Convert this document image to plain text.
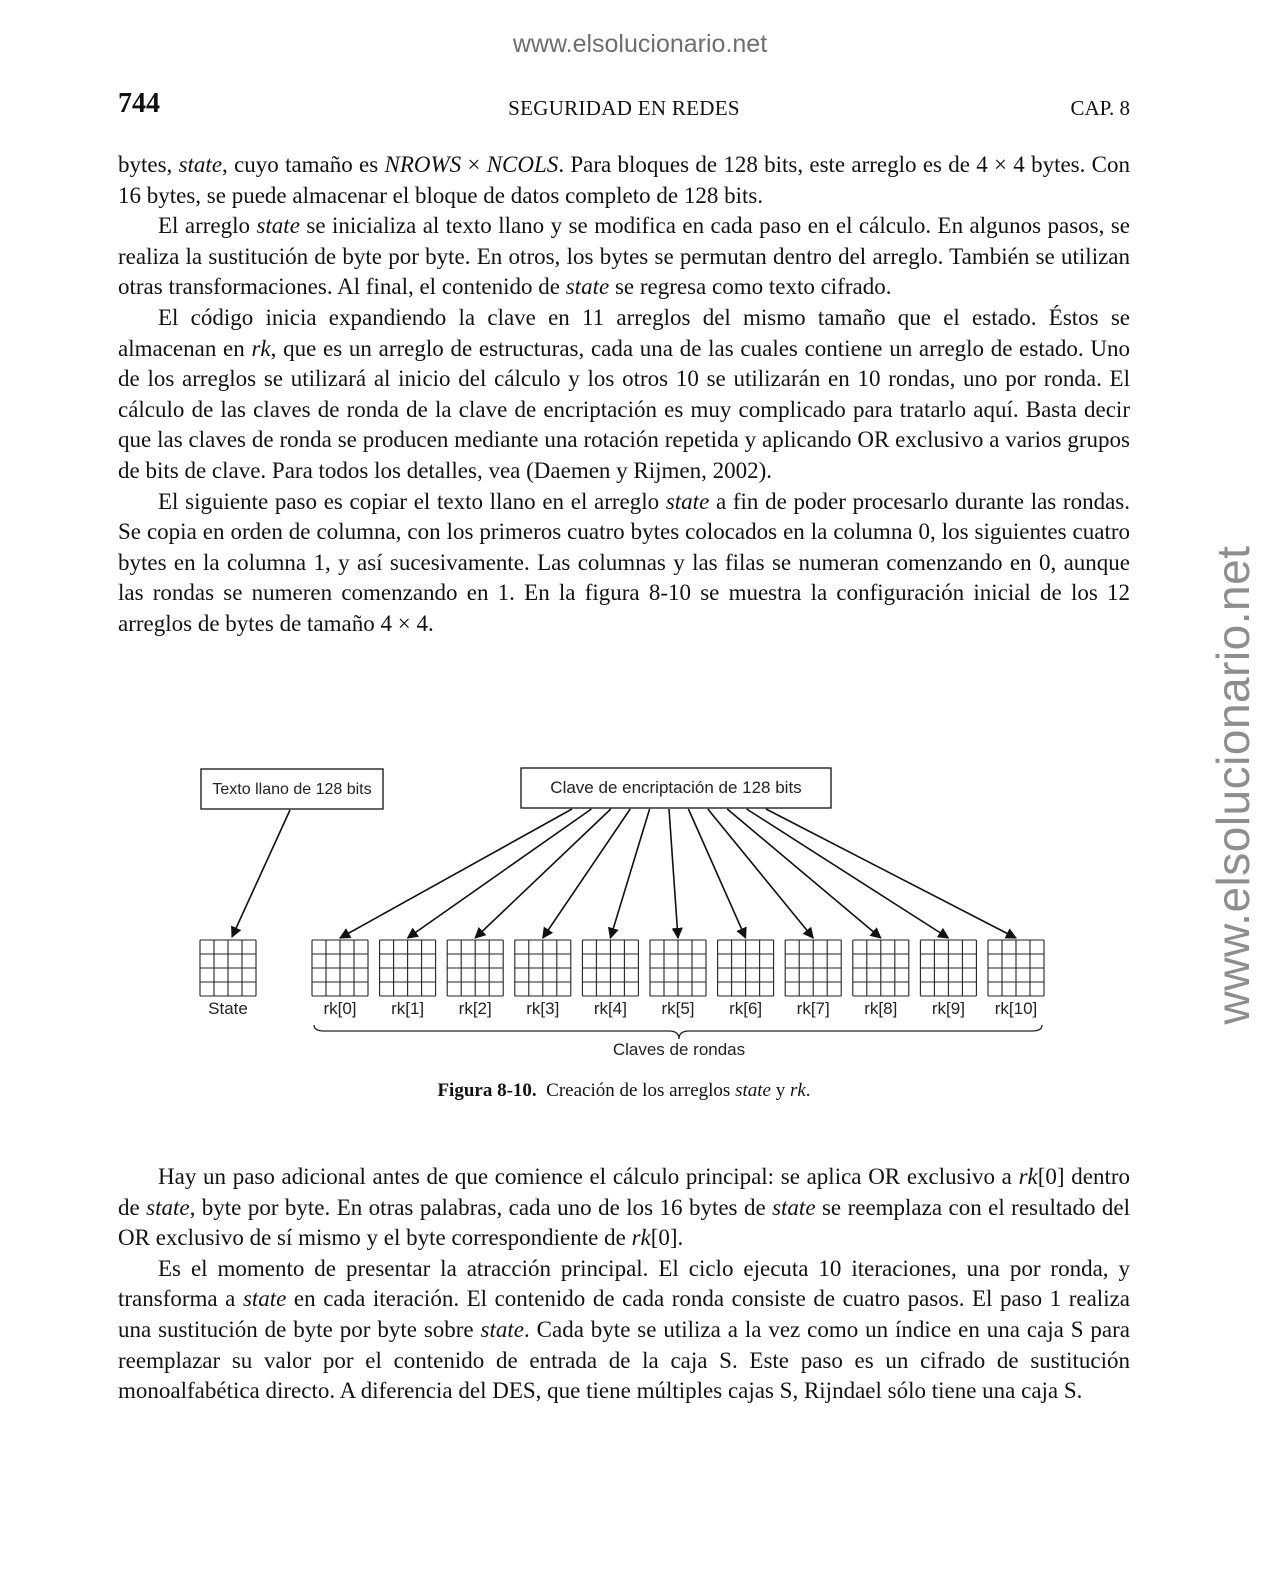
www.elsolucionario.net
www.elsolucionario.net
744	SEGURIDAD EN REDES	CAP. 8

bytes, state, cuyo tamaño es NROWS × NCOLS. Para bloques de 128 bits, este arreglo es de 4 × 4 bytes. Con 16 bytes, se puede almacenar el bloque de datos completo de 128 bits.

El arreglo state se inicializa al texto llano y se modifica en cada paso en el cálculo. En algunos pasos, se realiza la sustitución de byte por byte. En otros, los bytes se permutan dentro del arreglo. También se utilizan otras transformaciones. Al final, el contenido de state se regresa como texto cifrado.

El código inicia expandiendo la clave en 11 arreglos del mismo tamaño que el estado. Éstos se almacenan en rk, que es un arreglo de estructuras, cada una de las cuales contiene un arreglo de estado. Uno de los arreglos se utilizará al inicio del cálculo y los otros 10 se utilizarán en 10 rondas, uno por ronda. El cálculo de las claves de ronda de la clave de encriptación es muy complicado para tratarlo aquí. Basta decir que las claves de ronda se producen mediante una rotación repetida y aplicando OR exclusivo a varios grupos de bits de clave. Para todos los detalles, vea (Daemen y Rijmen, 2002).

El siguiente paso es copiar el texto llano en el arreglo state a fin de poder procesarlo durante las rondas. Se copia en orden de columna, con los primeros cuatro bytes colocados en la columna 0, los siguientes cuatro bytes en la columna 1, y así sucesivamente. Las columnas y las filas se numeran comenzando en 0, aunque las rondas se numeren comenzando en 1. En la figura 8-10 se muestra la configuración inicial de los 12 arreglos de bytes de tamaño 4 × 4.

Texto llano de 128 bits	Clave de encriptación de 128 bits
State	rk[0] rk[1] rk[2] rk[3] rk[4] rk[5] rk[6] rk[7] rk[8] rk[9] rk[10]
Claves de rondas
Figura 8-10. Creación de los arreglos state y rk.

Hay un paso adicional antes de que comience el cálculo principal: se aplica OR exclusivo a rk[0] dentro de state, byte por byte. En otras palabras, cada uno de los 16 bytes de state se reemplaza con el resultado del OR exclusivo de sí mismo y el byte correspondiente de rk[0].

Es el momento de presentar la atracción principal. El ciclo ejecuta 10 iteraciones, una por ronda, y transforma a state en cada iteración. El contenido de cada ronda consiste de cuatro pasos. El paso 1 realiza una sustitución de byte por byte sobre state. Cada byte se utiliza a la vez como un índice en una caja S para reemplazar su valor por el contenido de entrada de la caja S. Este paso es un cifrado de sustitución monoalfabética directo. A diferencia del DES, que tiene múltiples cajas S, Rijndael sólo tiene una caja S.
